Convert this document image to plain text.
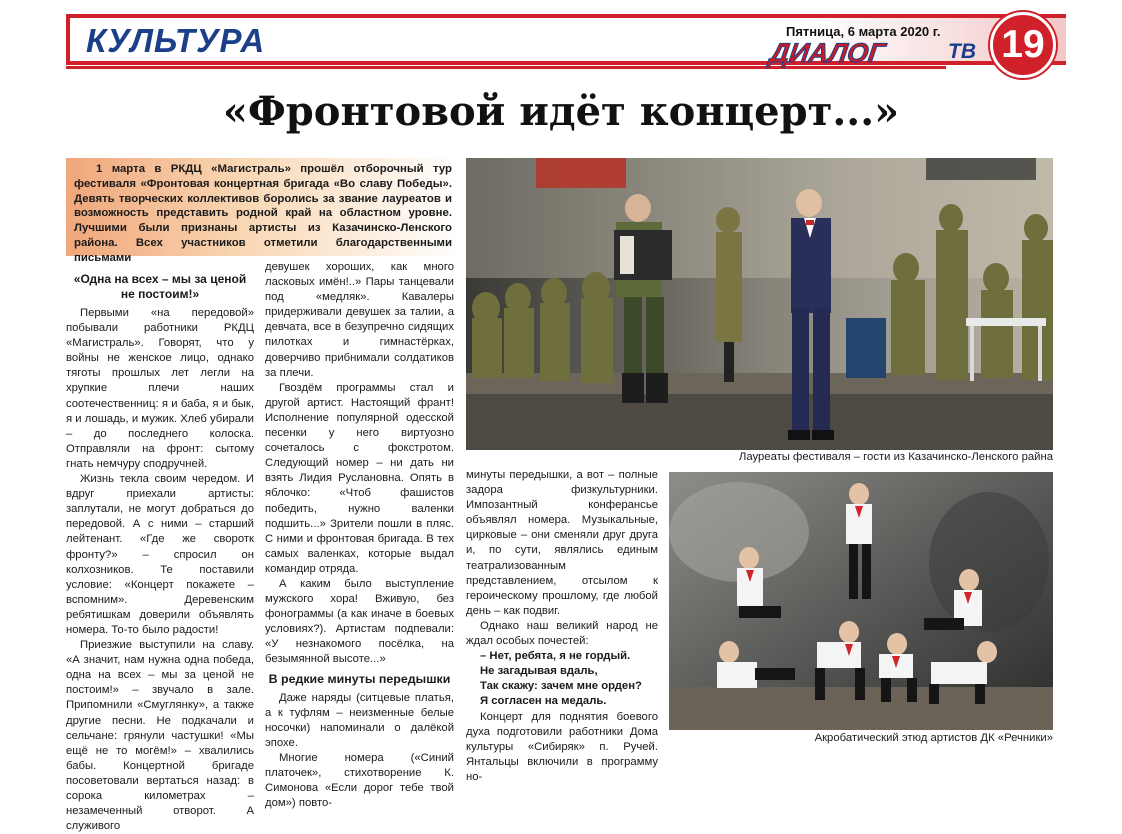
КУЛЬТУРА	Пятница, 6 марта 2020 г.
ДИАЛОГ	ТВ 19
«Фронтовой идёт концерт...»
1 марта в РКДЦ «Магистраль» прошёл отборочный тур фестиваля «Фронтовая концертная бригада «Во славу Победы». Девять творческих коллективов боролись за звание лауреатов и возможность представить родной край на областном уровне. Лучшими были признаны артисты из Казачинско-Ленского района. Всех участников отметили благодарственными письмами

«Одна на всех – мы за ценой не постоим!»

Первыми «на передовой» побывали работники РКДЦ «Магистраль». Говорят, что у войны не женское лицо, однако тяготы прошлых лет легли на хрупкие плечи наших соотечественниц: я и баба, я и бык, я и лошадь, и мужик. Хлеб убирали – до последнего колоска. Отправляли на фронт: сытому гнать немчуру сподручней.

Жизнь текла своим чередом. И вдруг приехали артисты: заплутали, не могут добраться до передовой. А с ними – старший лейтенант. «Где же своротк фронту?» – спросил он колхозников. Те поставили условие: «Концерт покажете – вспомним». Деревенским ребятишкам доверили объявлять номера. То-то было радости!

Приезжие выступили на славу. «А значит, нам нужна одна победа, одна на всех – мы за ценой не постоим!» – звучало в зале. Припомнили «Смуглянку», а также другие песни. Не подкачали и сельчане: грянули частушки! «Мы ещё не то могём!» – хвалились бабы. Концертной бригаде посоветовали вертаться назад: в сорока километрах – незамеченный отворот. А служивого

девушек хороших, как много ласковых имён!..» Пары танцевали под «медляк». Кавалеры придерживали девушек за талии, а девчата, все в безупречно сидящих пилотках и гимнастёрках, доверчиво прибнимали солдатиков за плечи.

Гвоздём программы стал и другой артист. Настоящий франт! Исполнение популярной одесской песенки у него виртуозно сочеталось с фокстротом. Следующий номер – ни дать ни взять Лидия Руслановна. Опять в яблочко: «Чтоб фашистов победить, нужно валенки подшить...» Зрители пошли в пляс. С ними и фронтовая бригада. В тех самых валенках, которые выдал командир отряда.

А каким было выступление мужского хора! Вживую, без фонограммы (а как иначе в боевых условиях?). Артистам подпевали: «У незнакомого посёлка, на безымянной высоте...»

В редкие минуты передышки

Даже наряды (ситцевые платья, а к туфлям – неизменные белые носочки) напоминали о далёкой эпохе.

Многие номера («Синий платочек», стихотворение К. Симонова «Если дорог тебе твой дом») повто-

Лауреаты фестиваля – гости из Казачинско-Ленского райна

минуты передышки, а вот – полные задора физкультурники. Импозантный конферансье объявлял номера. Музыкальные, цирковые – они сменяли друг друга и, по сути, являлись единым театрализованным представлением, отсылом к героическому прошлому, где любой день – как подвиг.

Однако наш великий народ не ждал особых почестей:

– Нет, ребята, я не гордый.

Не загадывая вдаль,

Так скажу: зачем мне орден?

Я согласен на медаль.

Концерт для поднятия боевого духа подготовили работники Дома культуры «Сибиряк» п. Ручей. Янтальцы включили в программу но-

Акробатический этюд артистов ДК «Речники»
